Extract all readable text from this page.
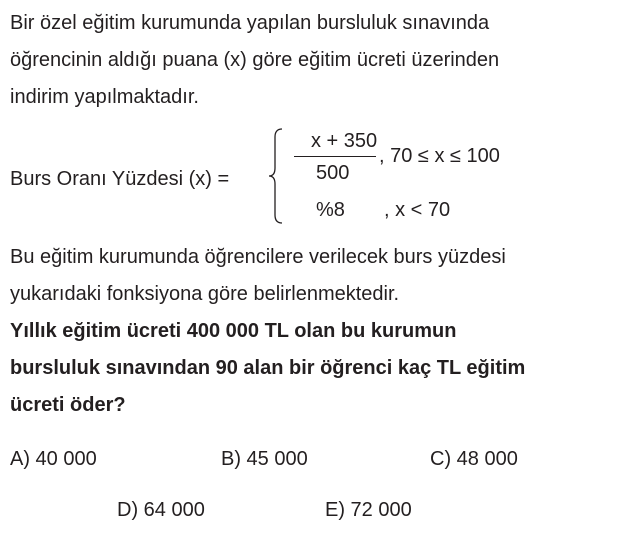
Bir özel eğitim kurumunda yapılan bursluluk sınavında
öğrencinin aldığı puana (x) göre eğitim ücreti üzerinden
indirim yapılmaktadır.
Burs Oranı Yüzdesi (x) =
x + 350
500
, 70 ≤ x ≤ 100
%8 , x < 70
Bu eğitim kurumunda öğrencilere verilecek burs yüzdesi
yukarıdaki fonksiyona göre belirlenmektedir.
Yıllık eğitim ücreti 400 000 TL olan bu kurumun
bursluluk sınavından 90 alan bir öğrenci kaç TL eğitim
ücreti öder?
A) 40 000	B) 45 000	C) 48 000
D) 64 000	E) 72 000
